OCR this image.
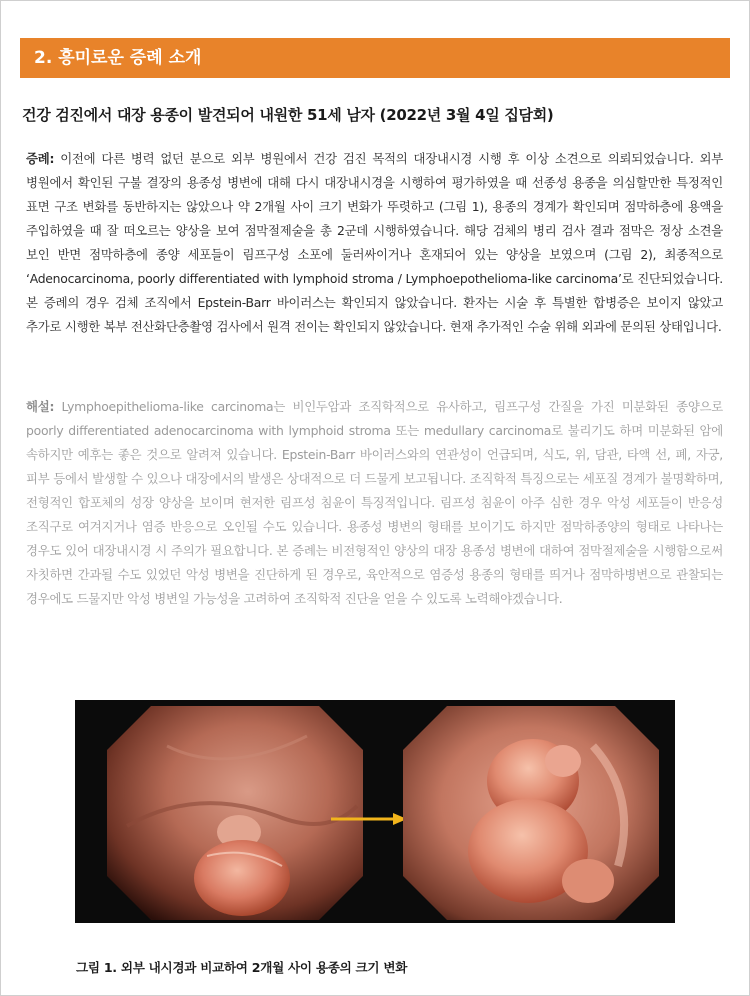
2. 흥미로운 증례 소개
건강 검진에서 대장 용종이 발견되어 내원한 51세 남자 (2022년 3월 4일 집담회)
증례: 이전에 다른 병력 없던 분으로 외부 병원에서 건강 검진 목적의 대장내시경 시행 후 이상 소견으로 의뢰되었습니다. 외부 병원에서 확인된 구불 결장의 용종성 병변에 대해 다시 대장내시경을 시행하여 평가하였을 때 선종성 용종을 의심할만한 특정적인 표면 구조 변화를 동반하지는 않았으나 약 2개월 사이 크기 변화가 뚜렷하고 (그림 1), 용종의 경계가 확인되며 점막하층에 용액을 주입하였을 때 잘 떠오르는 양상을 보여 점막절제술을 총 2군데 시행하였습니다. 해당 검체의 병리 검사 결과 점막은 정상 소견을 보인 반면 점막하층에 종양 세포들이 림프구성 소포에 둘러싸이거나 혼재되어 있는 양상을 보였으며 (그림 2), 최종적으로 ‘Adenocarcinoma, poorly differentiated with lymphoid stroma / Lymphoepothelioma-like carcinoma’로 진단되었습니다. 본 증례의 경우 검체 조직에서 Epstein-Barr 바이러스는 확인되지 않았습니다. 환자는 시술 후 특별한 합병증은 보이지 않았고 추가로 시행한 복부 전산화단층촬영 검사에서 원격 전이는 확인되지 않았습니다. 현재 추가적인 수술 위해 외과에 문의된 상태입니다.
해설: Lymphoepithelioma-like carcinoma는 비인두암과 조직학적으로 유사하고, 림프구성 간질을 가진 미분화된 종양으로 poorly differentiated adenocarcinoma with lymphoid stroma 또는 medullary carcinoma로 불리기도 하며 미분화된 암에 속하지만 예후는 좋은 것으로 알려져 있습니다. Epstein-Barr 바이러스와의 연관성이 언급되며, 식도, 위, 담관, 타액 선, 폐, 자궁, 피부 등에서 발생할 수 있으나 대장에서의 발생은 상대적으로 더 드물게 보고됩니다. 조직학적 특징으로는 세포질 경계가 불명확하며, 전형적인 합포체의 성장 양상을 보이며 현저한 림프성 침윤이 특징적입니다. 림프성 침윤이 아주 심한 경우 악성 세포들이 반응성 조직구로 여겨지거나 염증 반응으로 오인될 수도 있습니다. 용종성 병변의 형태를 보이기도 하지만 점막하종양의 형태로 나타나는 경우도 있어 대장내시경 시 주의가 필요합니다. 본 증례는 비전형적인 양상의 대장 용종성 병변에 대하여 점막절제술을 시행함으로써 자칫하면 간과될 수도 있었던 악성 병변을 진단하게 된 경우로, 육안적으로 염증성 용종의 형태를 띄거나 점막하병변으로 관찰되는 경우에도 드물지만 악성 병변일 가능성을 고려하여 조직학적 진단을 얻을 수 있도록 노력해야겠습니다.
그림 1. 외부 내시경과 비교하여 2개월 사이 용종의 크기 변화
